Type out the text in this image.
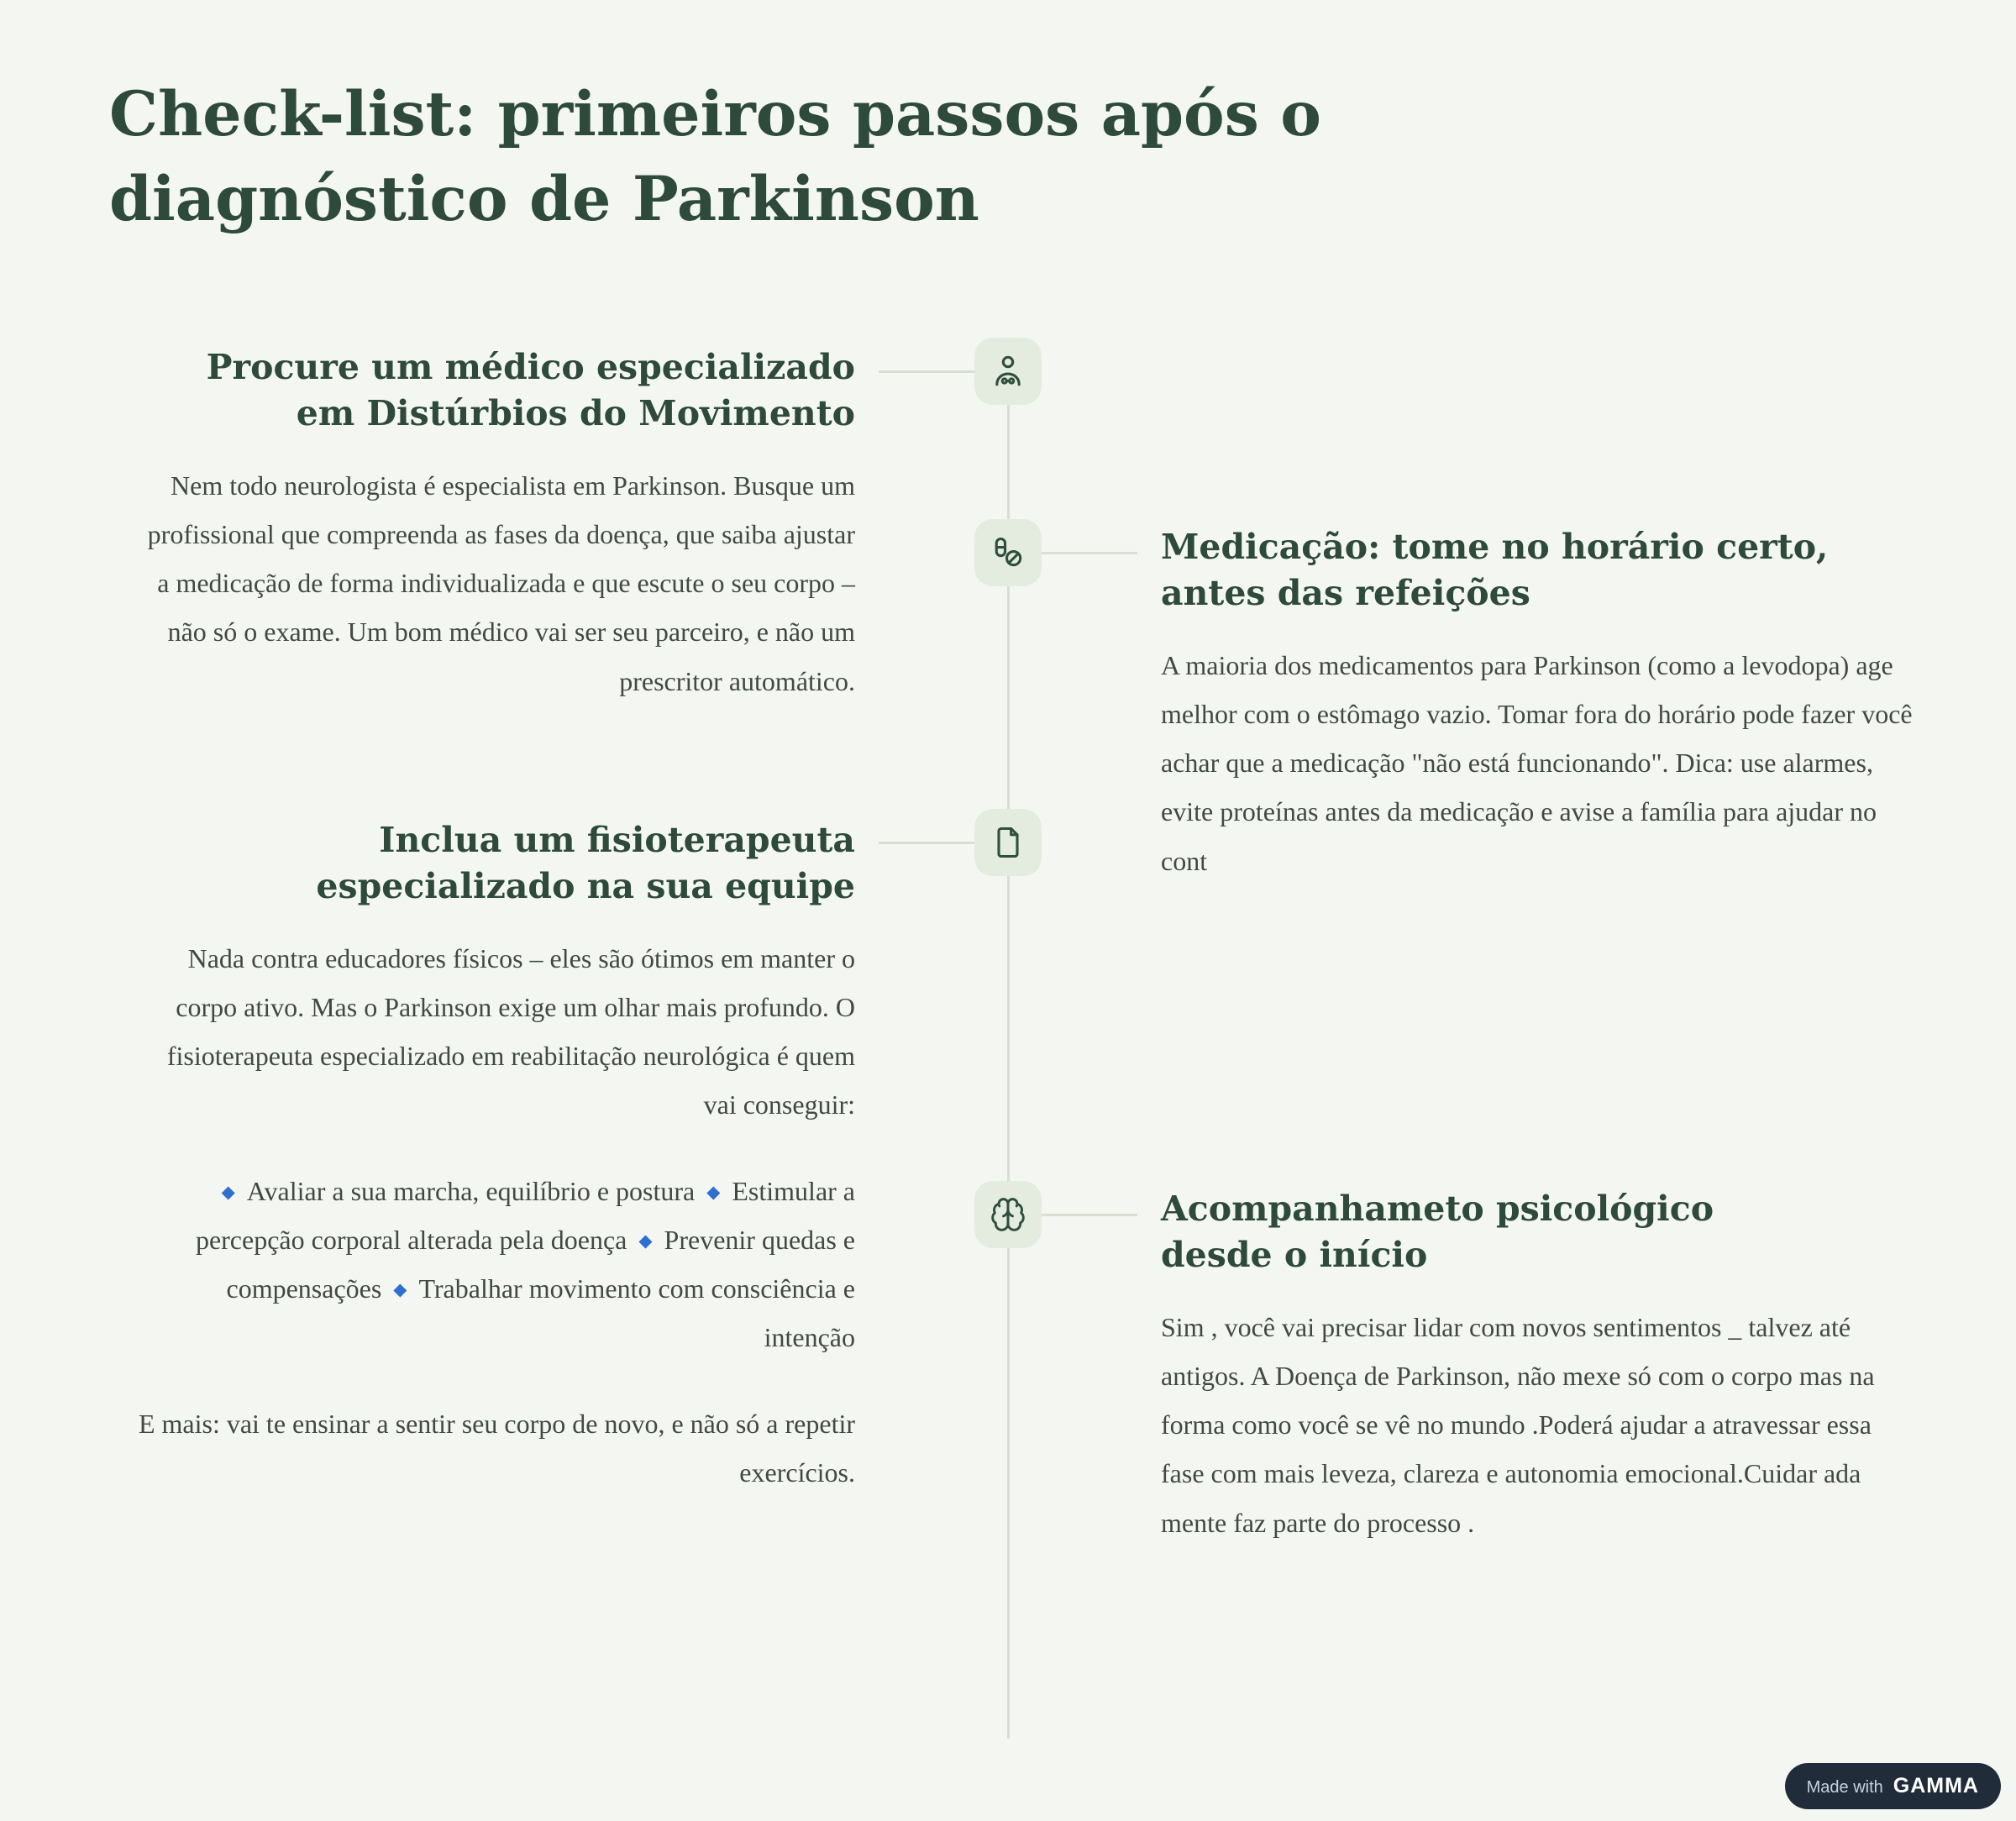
Check-list: primeiros passos após o diagnóstico de Parkinson
Procure um médico especializado em Distúrbios do Movimento

Nem todo neurologista é especialista em Parkinson. Busque um profissional que compreenda as fases da doença, que saiba ajustar a medicação de forma individualizada e que escute o seu corpo – não só o exame. Um bom médico vai ser seu parceiro, e não um prescritor automático.

Medicação: tome no horário certo, antes das refeições

A maioria dos medicamentos para Parkinson (como a levodopa) age melhor com o estômago vazio. Tomar fora do horário pode fazer você achar que a medicação "não está funcionando". Dica: use alarmes, evite proteínas antes da medicação e avise a família para ajudar no cont

Inclua um fisioterapeuta especializado na sua equipe

Nada contra educadores físicos – eles são ótimos em manter o corpo ativo. Mas o Parkinson exige um olhar mais profundo. O fisioterapeuta especializado em reabilitação neurológica é quem vai conseguir:

◆ Avaliar a sua marcha, equilíbrio e postura ◆ Estimular a percepção corporal alterada pela doença ◆ Prevenir quedas e compensações ◆ Trabalhar movimento com consciência e intenção

E mais: vai te ensinar a sentir seu corpo de novo, e não só a repetir exercícios.

Acompanhameto psicológico desde o início

Sim , você vai precisar lidar com novos sentimentos _ talvez até antigos. A Doença de Parkinson, não mexe só com o corpo mas na forma como você se vê no mundo .Poderá ajudar a atravessar essa fase com mais leveza, clareza e autonomia emocional.Cuidar ada mente faz parte do processo .

Made with GAMMA
